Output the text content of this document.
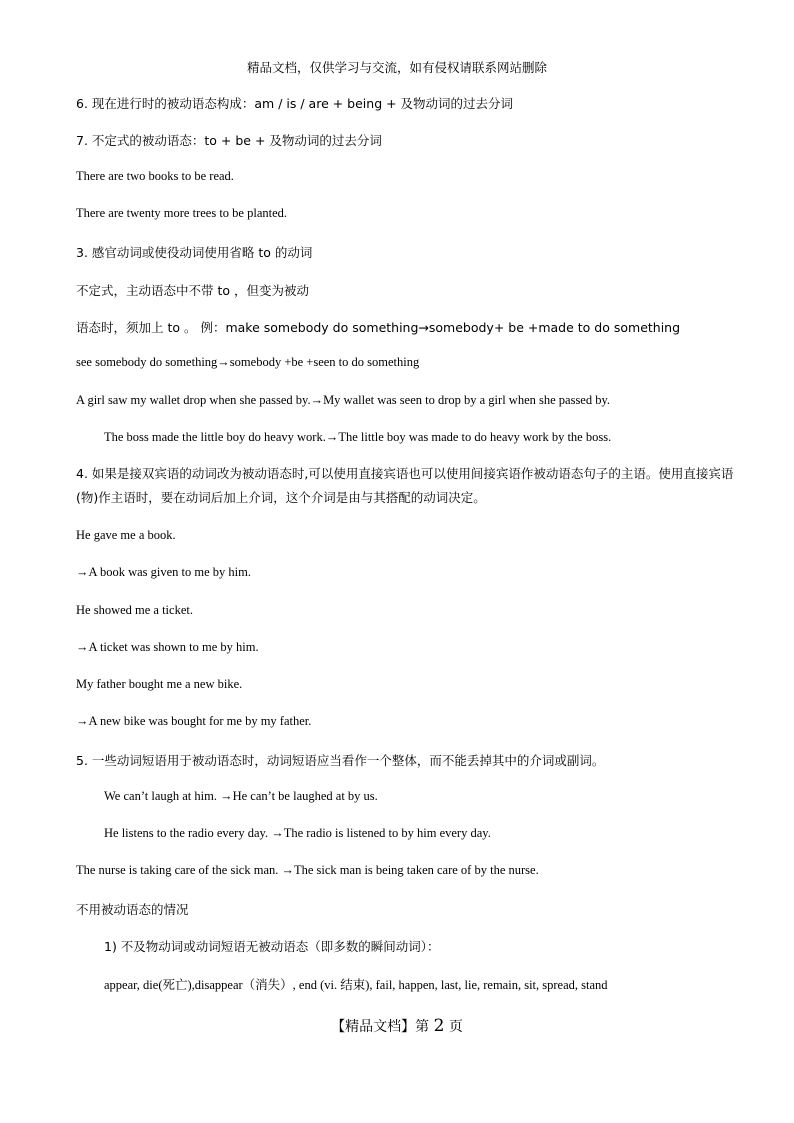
精品文档，仅供学习与交流，如有侵权请联系网站删除
6. 现在进行时的被动语态构成：am / is / are + being + 及物动词的过去分词
7. 不定式的被动语态：to + be + 及物动词的过去分词
There are two books to be read.
There are twenty more trees to be planted.
3. 感官动词或使役动词使用省略 to 的动词
不定式，主动语态中不带 to ，但变为被动
语态时，须加上 to 。 例：make somebody do something→somebody+ be +made to do something
see somebody do something→somebody +be +seen to do something
A girl saw my wallet drop when she passed by.→My wallet was seen to drop by a girl when she passed by.
The boss made the little boy do heavy work.→The little boy was made to do heavy work by the boss.
4. 如果是接双宾语的动词改为被动语态时,可以使用直接宾语也可以使用间接宾语作被动语态句子的主语。使用直接宾语(物)作主语时，要在动词后加上介词，这个介词是由与其搭配的动词决定。
He gave me a book.
→A book was given to me by him.
He showed me a ticket.
→A ticket was shown to me by him.
My father bought me a new bike.
→A new bike was bought for me by my father.
5. 一些动词短语用于被动语态时，动词短语应当看作一个整体，而不能丢掉其中的介词或副词。
We can’t laugh at him. →He can’t be laughed at by us.
He listens to the radio every day. →The radio is listened to by him every day.
The nurse is taking care of the sick man. →The sick man is being taken care of by the nurse.
不用被动语态的情况
1) 不及物动词或动词短语无被动语态（即多数的瞬间动词）：
appear, die(死亡),disappear（消失）, end (vi. 结束), fail, happen, last, lie, remain, sit, spread, stand
【精品文档】第 2 页
